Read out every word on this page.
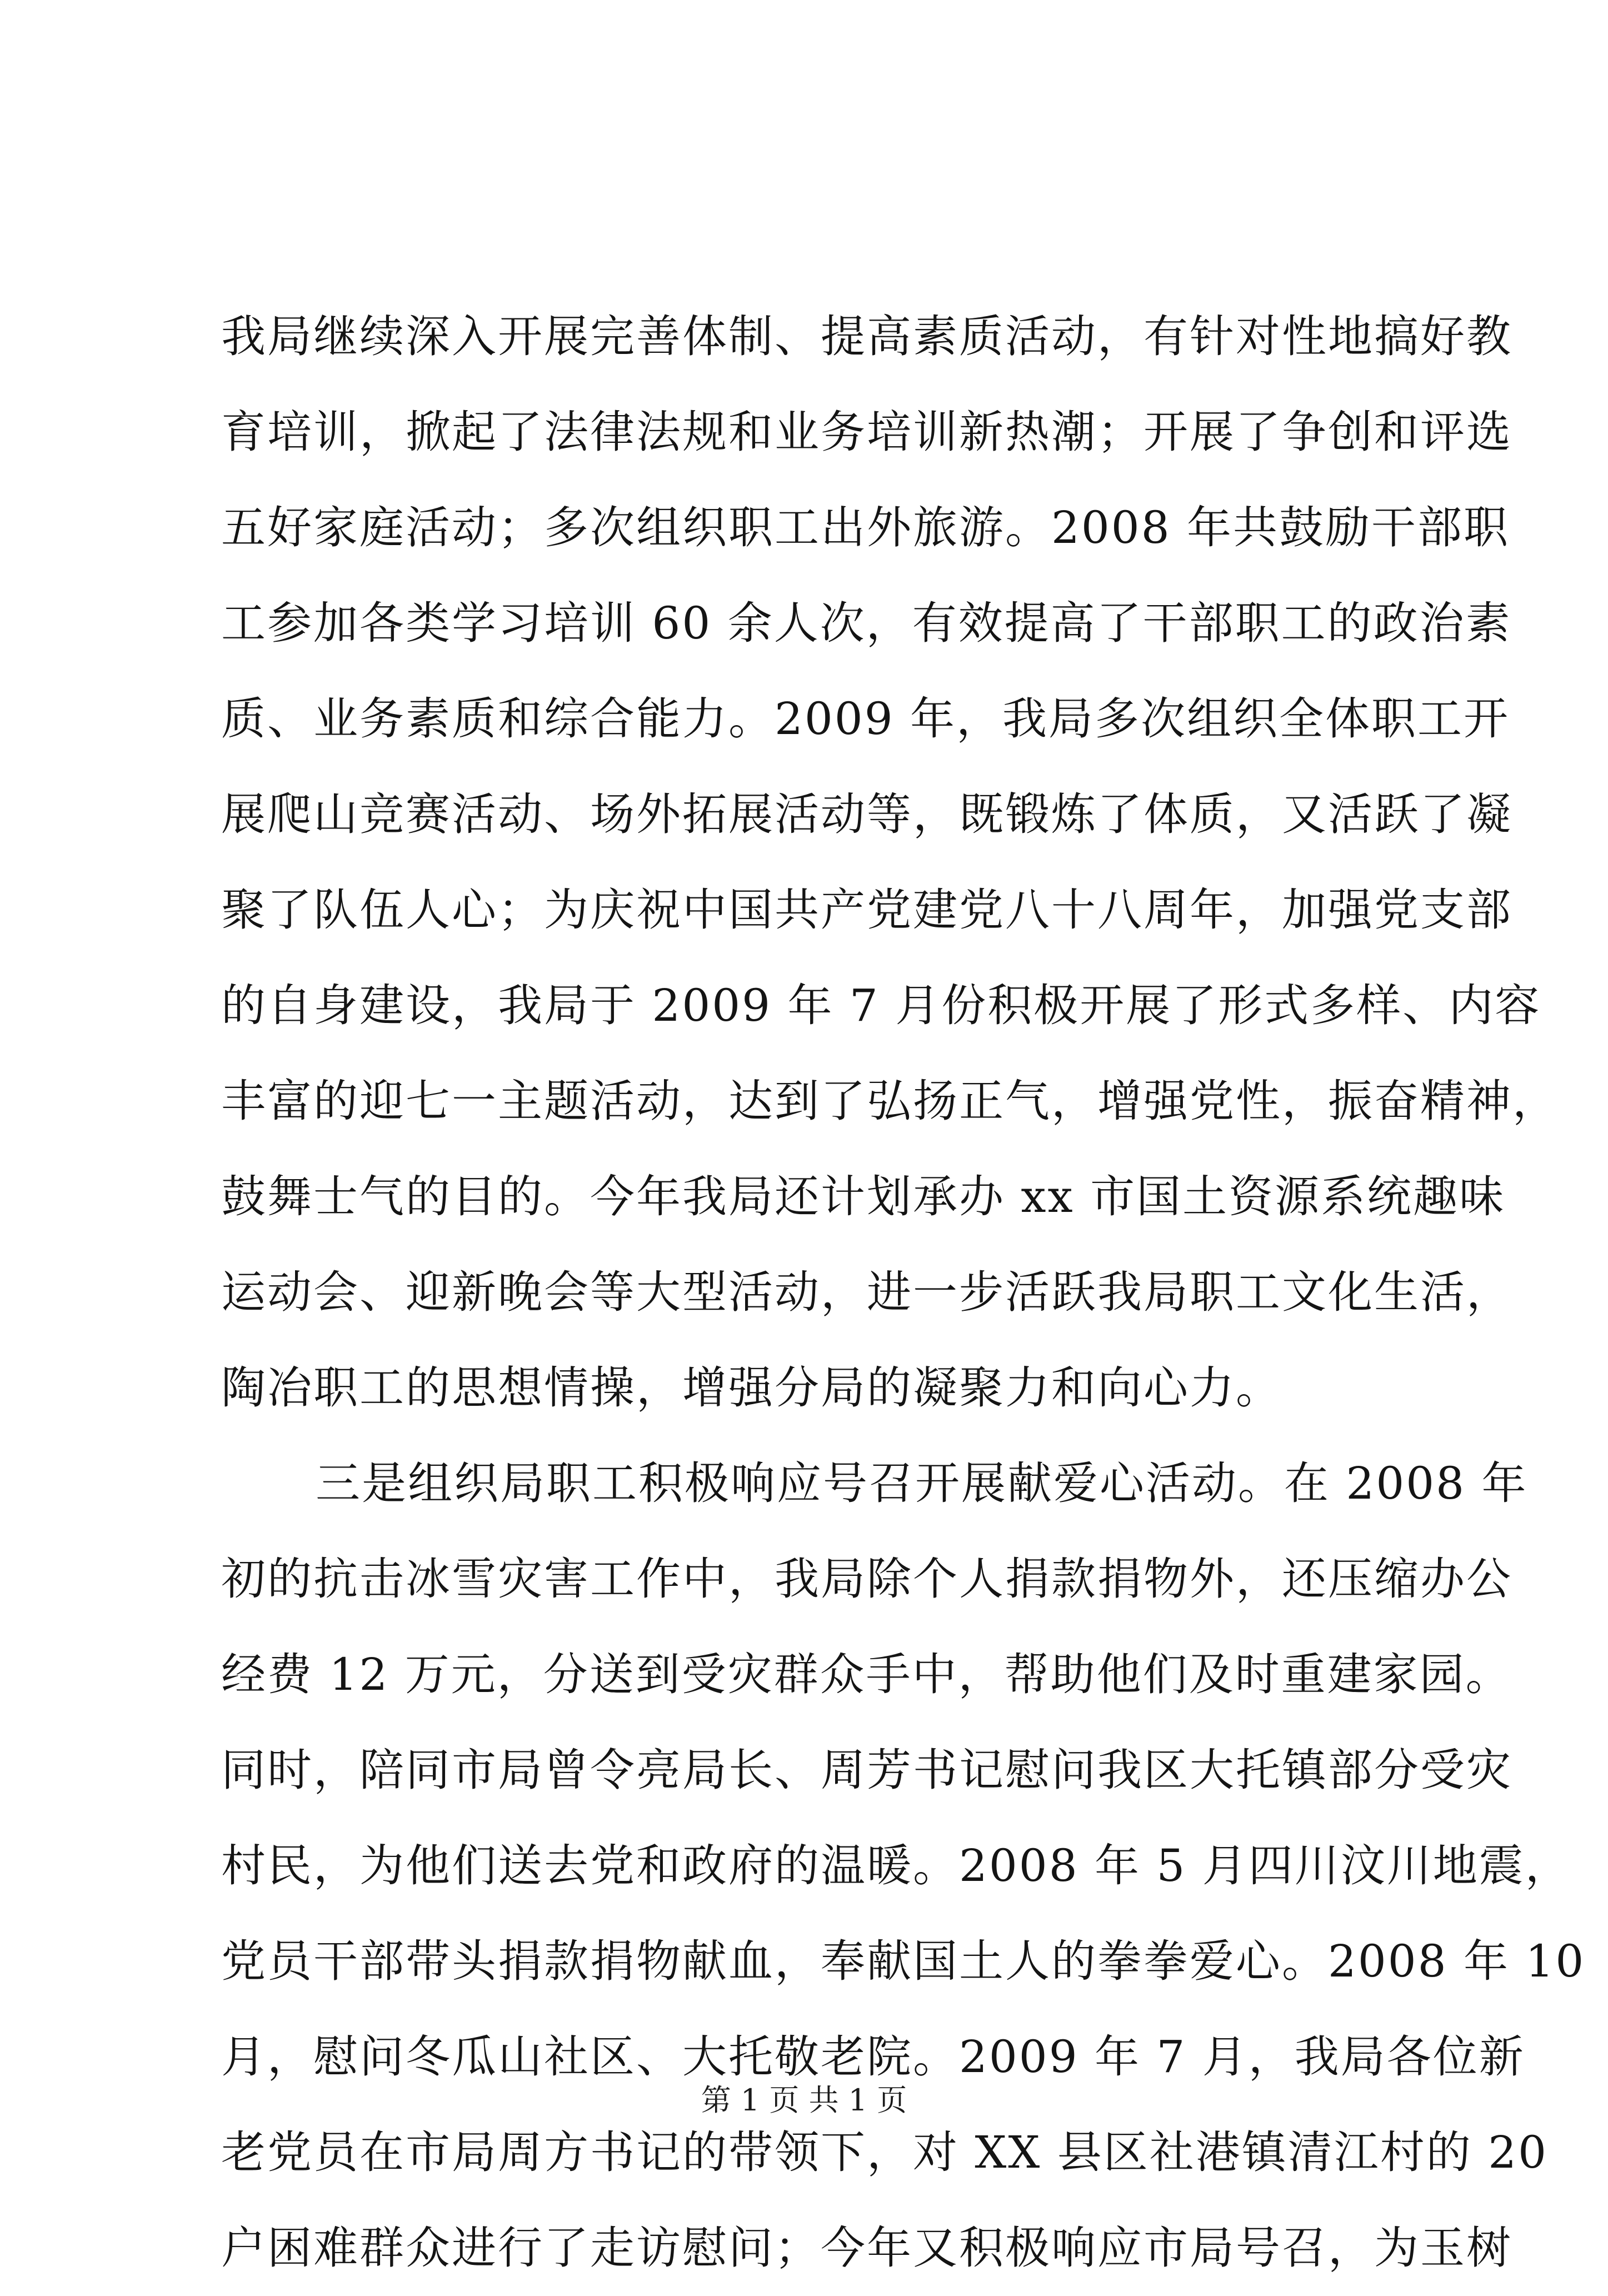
我局继续深入开展完善体制、提高素质活动，有针对性地搞好教
育培训，掀起了法律法规和业务培训新热潮；开展了争创和评选
五好家庭活动；多次组织职工出外旅游。2008 年共鼓励干部职
工参加各类学习培训 60 余人次，有效提高了干部职工的政治素
质、业务素质和综合能力。2009 年，我局多次组织全体职工开
展爬山竞赛活动、场外拓展活动等，既锻炼了体质，又活跃了凝
聚了队伍人心；为庆祝中国共产党建党八十八周年，加强党支部
的自身建设，我局于 2009 年 7 月份积极开展了形式多样、内容
丰富的迎七一主题活动，达到了弘扬正气，增强党性，振奋精神，
鼓舞士气的目的。今年我局还计划承办 xx 市国土资源系统趣味
运动会、迎新晚会等大型活动，进一步活跃我局职工文化生活，
陶冶职工的思想情操，增强分局的凝聚力和向心力。
三是组织局职工积极响应号召开展献爱心活动。在 2008 年
初的抗击冰雪灾害工作中，我局除个人捐款捐物外，还压缩办公
经费 12 万元，分送到受灾群众手中，帮助他们及时重建家园。
同时，陪同市局曾令亮局长、周芳书记慰问我区大托镇部分受灾
村民，为他们送去党和政府的温暖。2008 年 5 月四川汶川地震，
党员干部带头捐款捐物献血，奉献国土人的拳拳爱心。2008 年 10
月，慰问冬瓜山社区、大托敬老院。2009 年 7 月，我局各位新
老党员在市局周方书记的带领下，对 XX 县区社港镇清江村的 20
户困难群众进行了走访慰问；今年又积极响应市局号召，为玉树
第 1 页 共 1 页
